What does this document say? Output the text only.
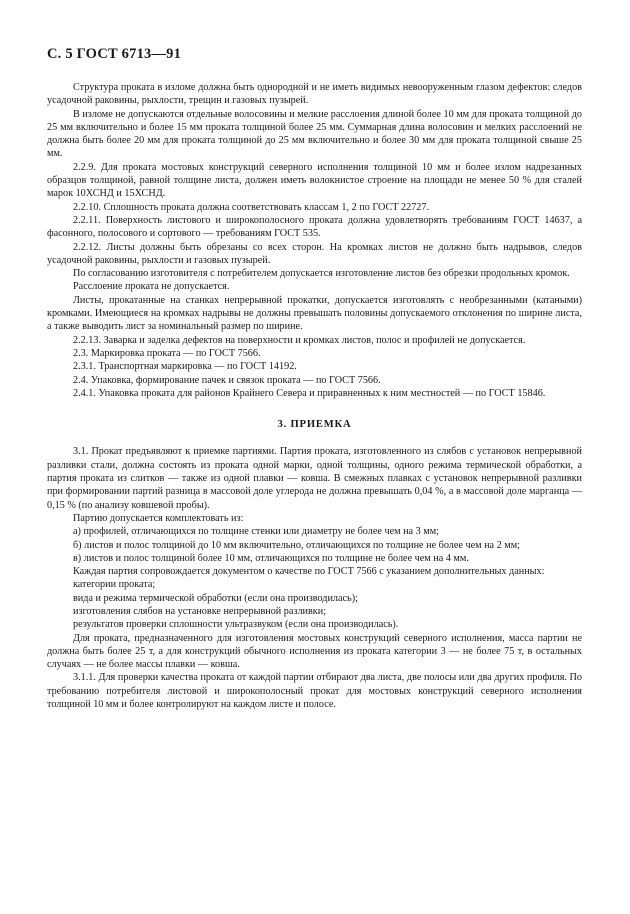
С. 5 ГОСТ 6713—91

Структура проката в изломе должна быть однородной и не иметь видимых невооруженным глазом дефектов: следов усадочной раковины, рыхлости, трещин и газовых пузырей.

В изломе не допускаются отдельные волосовины и мелкие расслоения длиной более 10 мм для проката толщиной до 25 мм включительно и более 15 мм проката толщиной более 25 мм. Суммарная длина волосовин и мелких расслоений не должна быть более 20 мм для проката толщиной до 25 мм включительно и более 30 мм для проката толщиной свыше 25 мм.

2.2.9. Для проката мостовых конструкций северного исполнения толщиной 10 мм и более излом надрезанных образцов толщиной, равной толщине листа, должен иметь волокнистое строение на площади не менее 50 % для сталей марок 10ХСНД и 15ХСНД.

2.2.10. Сплошность проката должна соответствовать классам 1, 2 по ГОСТ 22727.

2.2.11. Поверхность листового и широкополосного проката должна удовлетворять требованиям ГОСТ 14637, а фасонного, полосового и сортового — требованиям ГОСТ 535.

2.2.12. Листы должны быть обрезаны со всех сторон. На кромках листов не должно быть надрывов, следов усадочной раковины, рыхлости и газовых пузырей.

По согласованию изготовителя с потребителем допускается изготовление листов без обрезки продольных кромок.

Расслоение проката не допускается.

Листы, прокатанные на станках непрерывной прокатки, допускается изготовлять с необрезанными (катаными) кромками. Имеющиеся на кромках надрывы не должны превышать половины допускаемого отклонения по ширине листа, а также выводить лист за номинальный размер по ширине.

2.2.13. Заварка и заделка дефектов на поверхности и кромках листов, полос и профилей не допускается.

2.3. Маркировка проката — по ГОСТ 7566.

2.3.1. Транспортная маркировка — по ГОСТ 14192.

2.4. Упаковка, формирование пачек и связок проката — по ГОСТ 7566.

2.4.1. Упаковка проката для районов Крайнего Севера и приравненных к ним местностей — по ГОСТ 15846.

3. ПРИЕМКА

3.1. Прокат предъявляют к приемке партиями. Партия проката, изготовленного из слябов с установок непрерывной разливки стали, должна состоять из проката одной марки, одной толщины, одного режима термической обработки, а партия проката из слитков — также из одной плавки — ковша. В смежных плавках с установок непрерывной разливки при формировании партий разница в массовой доле углерода не должна превышать 0,04 %, а в массовой доле марганца — 0,15 % (по анализу ковшевой пробы).

Партию допускается комплектовать из:

а) профилей, отличающихся по толщине стенки или диаметру не более чем на 3 мм;

б) листов и полос толщиной до 10 мм включительно, отличающихся по толщине не более чем на 2 мм;

в) листов и полос толщиной более 10 мм, отличающихся по толщине не более чем на 4 мм.

Каждая партия сопровождается документом о качестве по ГОСТ 7566 с указанием дополнительных данных:

категории проката;

вида и режима термической обработки (если она производилась);

изготовления слябов на установке непрерывной разливки;

результатов проверки сплошности ультразвуком (если она производилась).

Для проката, предназначенного для изготовления мостовых конструкций северного исполнения, масса партии не должна быть более 25 т, а для конструкций обычного исполнения из проката категории 3 — не более 75 т, в остальных случаях — не более массы плавки — ковша.

3.1.1. Для проверки качества проката от каждой партии отбирают два листа, две полосы или два других профиля. По требованию потребителя листовой и широкополосный прокат для мостовых конструкций северного исполнения толщиной 10 мм и более контролируют на каждом листе и полосе.
